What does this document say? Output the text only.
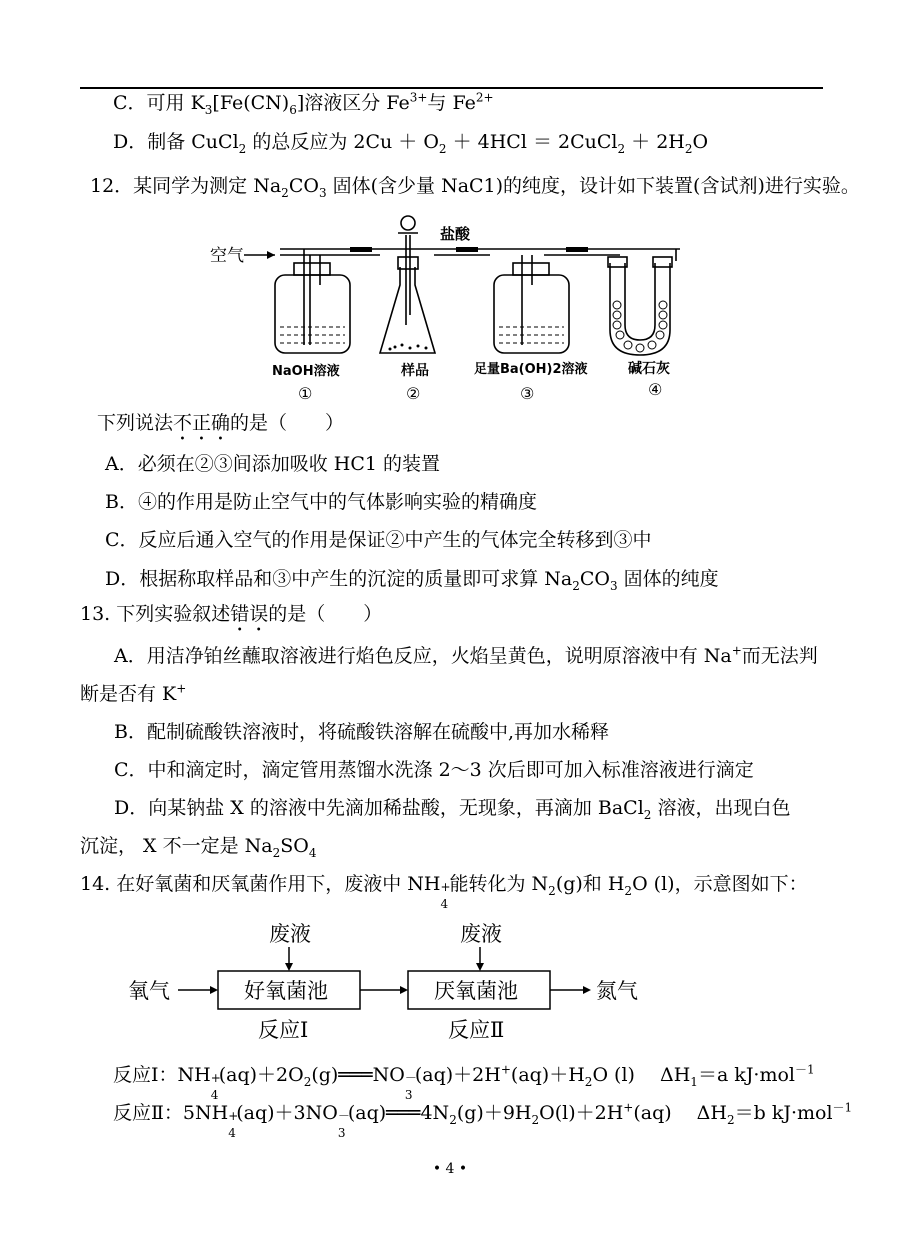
C．可用 $K_3[Fe(CN)_6]$溶液区分 $Fe^{3+}$与 $Fe^{2+}$
D．制备 CuCl$_2$ 的总反应为 $2Cu + O_2 + 4HCl$ ＝ 2CuCl$_2$ ＋ $2H_2O$
12．某同学为测定 $Na_2CO_3$ 固体(含少量 NaC1)的纯度，设计如下装置(含试剂)进行实验。
空气
盐酸
NaOH溶液	样品	足量Ba(OH)2溶液	碱石灰
①	②	③	④
下列说法不正确的是（　　）
A．必须在②③间添加吸收 HC1 的装置
B．④的作用是防止空气中的气体影响实验的精确度
C．反应后通入空气的作用是保证②中产生的气体完全转移到③中
D．根据称取样品和③中产生的沉淀的质量即可求算 $Na_2CO_3$ 固体的纯度
13. 下列实验叙述错误的是（　　）
A．用洁净铂丝蘸取溶液进行焰色反应，火焰呈黄色，说明原溶液中有 Na+而无法判
断是否有 K+
B．配制硫酸铁溶液时，将硫酸铁溶解在硫酸中,再加水稀释
C．中和滴定时，滴定管用蒸馏水洗涤 2～3 次后即可加入标准溶液进行滴定
D．向某钠盐 X 的溶液中先滴加稀盐酸，无现象，再滴加 BaCl$_2$ 溶液，出现白色
沉淀， X 不一定是 $Na_2SO_4$
14. 在好氧菌和厌氧菌作用下，废液中 NH +
4
能转化为 $N_2(g)$和 $H_2O$ (l)，示意图如下：
废液	废液
氧气	氮气
好氧菌池	厌氧菌池
反应Ⅰ	反应Ⅱ
反应Ⅰ：NH +
4
$(aq)+2O_2(g)═══NO$ －
3
$(aq)+2H^+(aq)+H_2O$ (l)　 $\Delta H_1=a$ kJ·mol$^{-1}$
反应Ⅱ：5NH +
4
(aq)＋3NO －
3
$(aq)═══4N_2(g)+9H_2O(l)+2H^+(aq)$　 $\Delta H_2=b$ kJ·mol$^{-1}$
• 4 •
